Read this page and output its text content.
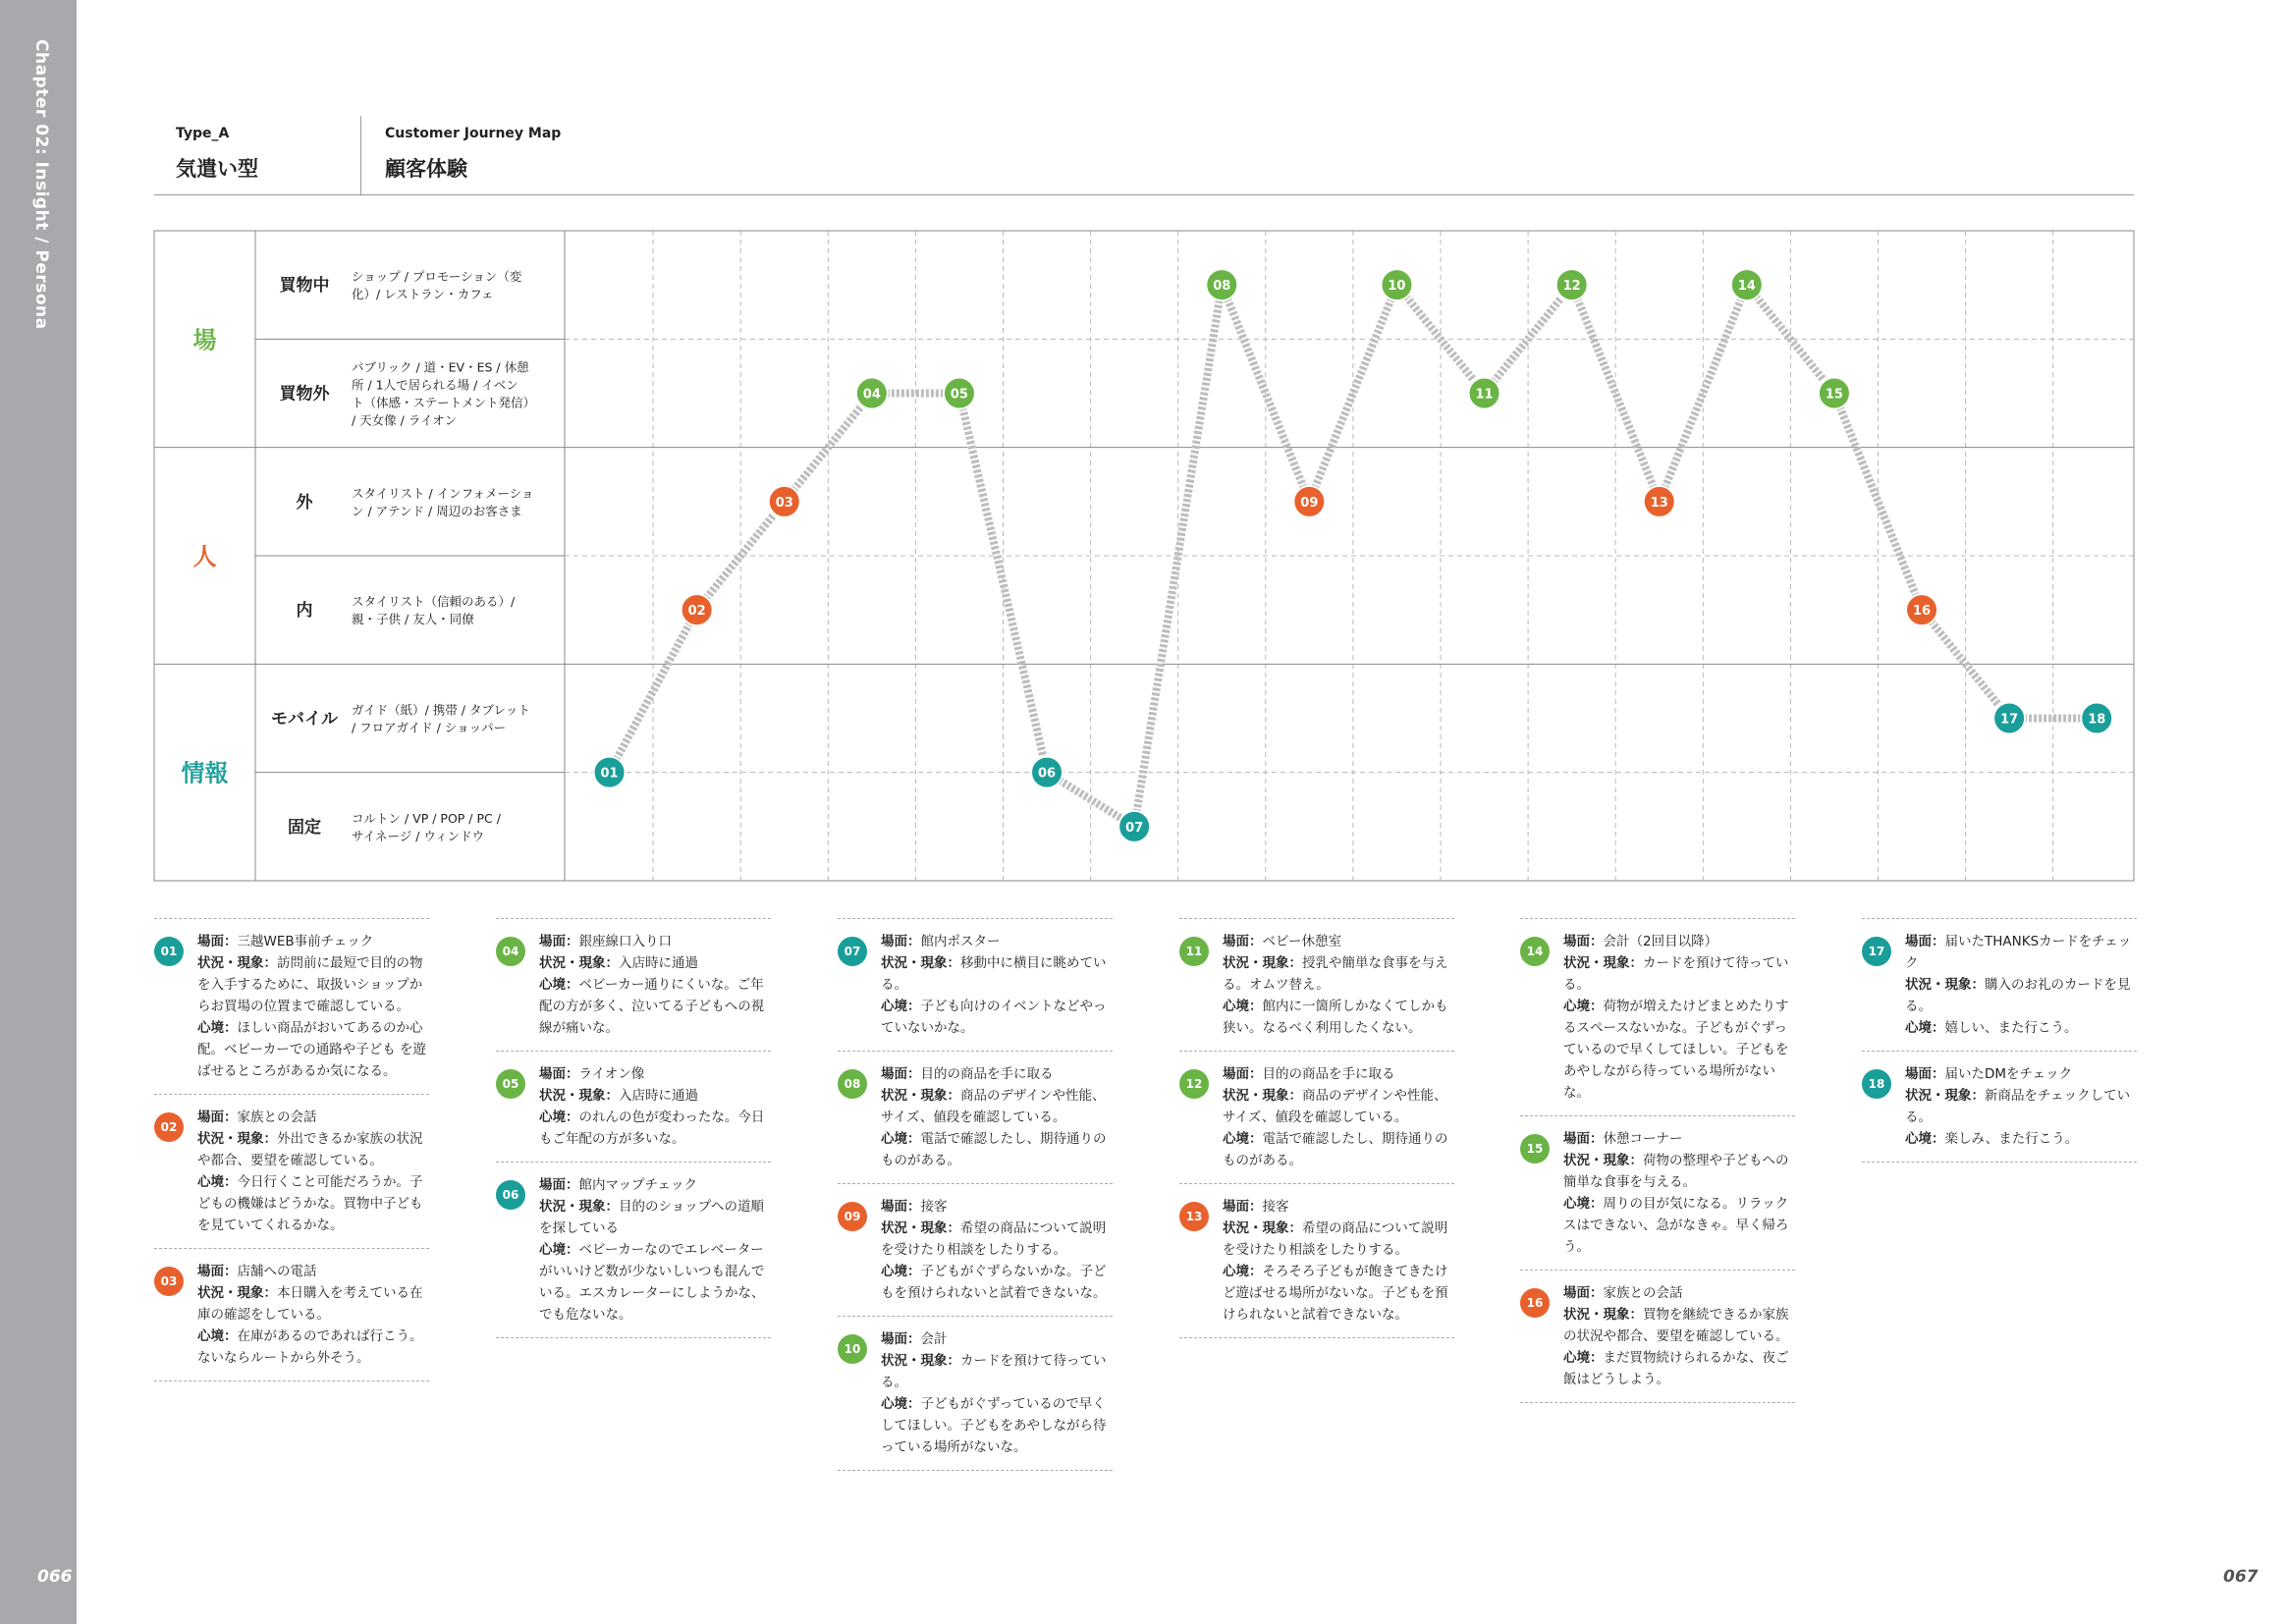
Chapter 02: Insight / Persona
066	067
Type_A
気遣い型
Customer Journey Map
顧客体験
場
人
情報
買物中 ショップ / プロモーション（変
化）/ レストラン・カフェ
買物外
パブリック / 道・EV・ES / 休憩
所 / 1人で居られる場 / イベン
ト（体感・ステートメント発信）
/ 天女像 / ライオン
外	スタイリスト / インフォメーショ
ン / アテンド / 周辺のお客さま
内	スタイリスト（信頼のある）/
親・子供 / 友人・同僚
モバイル ガイド（紙）/ 携帯 / タブレット
/ フロアガイド / ショッパー
固定 コルトン / VP / POP / PC /
サイネージ / ウィンドウ
01
02
03
04	05
06
07
08
09
10
11
12
13
14
15
16
17	18
01
場面：三越WEB事前チェック
状況・現象：訪問前に最短で目的の物を入手するために、取扱いショップからお買場の位置まで確認している。
心境：ほしい商品がおいてあるのか心配。ベビーカーでの通路や子ども を遊ばせるところがあるか気になる。
02
場面：家族との会話
状況・現象：外出できるか家族の状況や都合、要望を確認している。
心境：今日行くこと可能だろうか。子どもの機嫌はどうかな。買物中子どもを見ていてくれるかな。
03
場面：店舗への電話
状況・現象：本日購入を考えている在庫の確認をしている。
心境：在庫があるのであれば行こう。ないならルートから外そう。
04
場面：銀座線口入り口
状況・現象：入店時に通過
心境：ベビーカー通りにくいな。ご年配の方が多く、泣いてる子どもへの視線が痛いな。
05
場面：ライオン像
状況・現象：入店時に通過
心境：のれんの色が変わったな。今日もご年配の方が多いな。
06
場面：館内マップチェック
状況・現象：目的のショップへの道順を探している
心境：ベビーカーなのでエレベーターがいいけど数が少ないしいつも混んでいる。エスカレーターにしようかな、でも危ないな。
07
場面：館内ポスター
状況・現象：移動中に横目に眺めている。
心境：子ども向けのイベントなどやっていないかな。
08
場面：目的の商品を手に取る
状況・現象：商品のデザインや性能、サイズ、値段を確認している。
心境：電話で確認したし、期待通りのものがある。
09
場面：接客
状況・現象：希望の商品について説明を受けたり相談をしたりする。
心境：子どもがぐずらないかな。子どもを預けられないと試着できないな。
10
場面：会計
状況・現象：カードを預けて待っている。
心境：子どもがぐずっているので早くしてほしい。子どもをあやしながら待っている場所がないな。
11
場面：ベビー休憩室
状況・現象：授乳や簡単な食事を与える。オムツ替え。
心境：館内に一箇所しかなくてしかも狭い。なるべく利用したくない。
12
場面：目的の商品を手に取る
状況・現象：商品のデザインや性能、サイズ、値段を確認している。
心境：電話で確認したし、期待通りのものがある。
13
場面：接客
状況・現象：希望の商品について説明を受けたり相談をしたりする。
心境：そろそろ子どもが飽きてきたけど遊ばせる場所がないな。子どもを預けられないと試着できないな。
14
場面：会計（2回目以降）
状況・現象：カードを預けて待っている。
心境：荷物が増えたけどまとめたりするスペースないかな。子どもがぐずっているので早くしてほしい。子どもをあやしながら待っている場所がないな。
15
場面：休憩コーナー
状況・現象：荷物の整理や子どもへの簡単な食事を与える。
心境：周りの目が気になる。リラックスはできない、急がなきゃ。早く帰ろう。
16
場面：家族との会話
状況・現象：買物を継続できるか家族の状況や都合、要望を確認している。
心境：まだ買物続けられるかな、夜ご飯はどうしよう。
17
場面：届いたTHANKSカードをチェック
状況・現象：購入のお礼のカードを見る。
心境：嬉しい、また行こう。
18
場面：届いたDMをチェック
状況・現象：新商品をチェックしている。
心境：楽しみ、また行こう。
